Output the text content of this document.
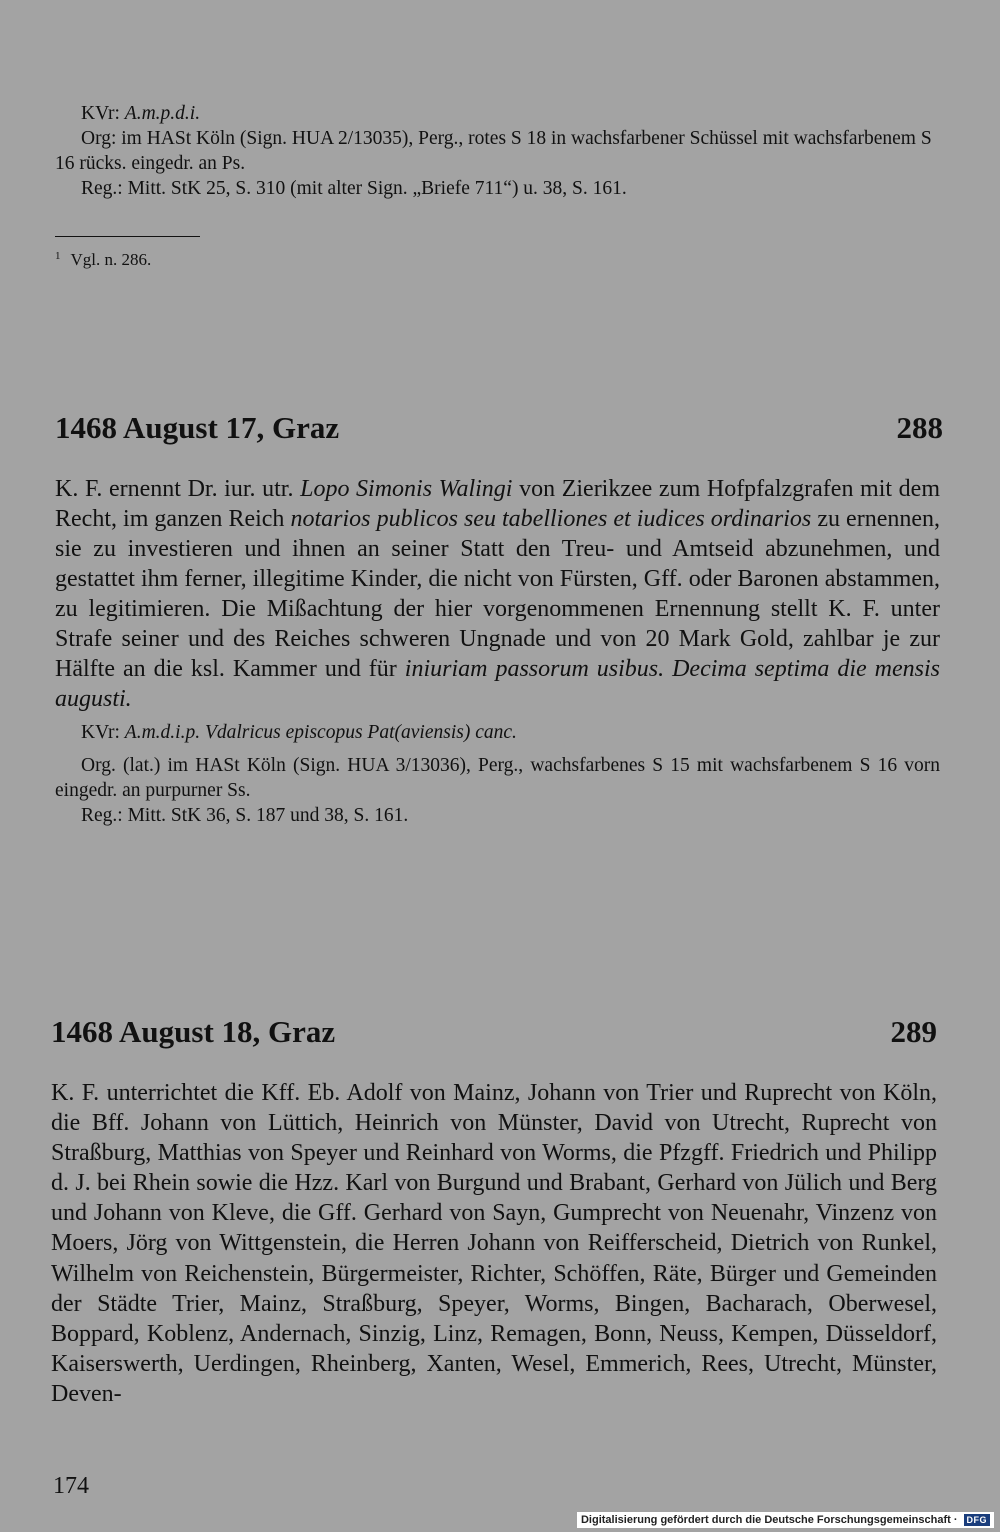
KVr: A.m.p.d.i.

Org: im HASt Köln (Sign. HUA 2/13035), Perg., rotes S 18 in wachsfarbener Schüssel mit wachsfarbenem S 16 rücks. eingedr. an Ps.

Reg.: Mitt. StK 25, S. 310 (mit alter Sign. „Briefe 711“) u. 38, S. 161.

$^1$ Vgl. n. 286.
1468 August 17, Graz	288

K. F. ernennt Dr. iur. utr. Lopo Simonis Walingi von Zierikzee zum Hofpfalzgrafen mit dem Recht, im ganzen Reich notarios publicos seu tabelliones et iudices ordinarios zu ernennen, sie zu investieren und ihnen an seiner Statt den Treu- und Amtseid abzunehmen, und gestattet ihm ferner, illegitime Kinder, die nicht von Fürsten, Gff. oder Baronen abstammen, zu legitimieren. Die Mißachtung der hier vorgenommenen Ernennung stellt K. F. unter Strafe seiner und des Reiches schweren Ungnade und von 20 Mark Gold, zahlbar je zur Hälfte an die ksl. Kammer und für iniuriam passorum usibus. Decima septima die mensis augusti.

KVr: A.m.d.i.p. Vdalricus episcopus Pat(aviensis) canc.

Org. (lat.) im HASt Köln (Sign. HUA 3/13036), Perg., wachsfarbenes S 15 mit wachsfarbenem S 16 vorn eingedr. an purpurner Ss.

Reg.: Mitt. StK 36, S. 187 und 38, S. 161.

1468 August 18, Graz	289

K. F. unterrichtet die Kff. Eb. Adolf von Mainz, Johann von Trier und Ruprecht von Köln, die Bff. Johann von Lüttich, Heinrich von Münster, David von Utrecht, Ruprecht von Straßburg, Matthias von Speyer und Reinhard von Worms, die Pfzgff. Friedrich und Philipp d. J. bei Rhein sowie die Hzz. Karl von Burgund und Brabant, Gerhard von Jülich und Berg und Johann von Kleve, die Gff. Gerhard von Sayn, Gumprecht von Neuenahr, Vinzenz von Moers, Jörg von Wittgenstein, die Herren Johann von Reifferscheid, Dietrich von Runkel, Wilhelm von Reichenstein, Bürgermeister, Richter, Schöffen, Räte, Bürger und Gemeinden der Städte Trier, Mainz, Straßburg, Speyer, Worms, Bingen, Bacharach, Oberwesel, Boppard, Koblenz, Andernach, Sinzig, Linz, Remagen, Bonn, Neuss, Kempen, Düsseldorf, Kaiserswerth, Uerdingen, Rheinberg, Xanten, Wesel, Emmerich, Rees, Utrecht, Münster, Deven-

174
Digitalisierung gefördert durch die Deutsche Forschungsgemeinschaft ·	DFG
